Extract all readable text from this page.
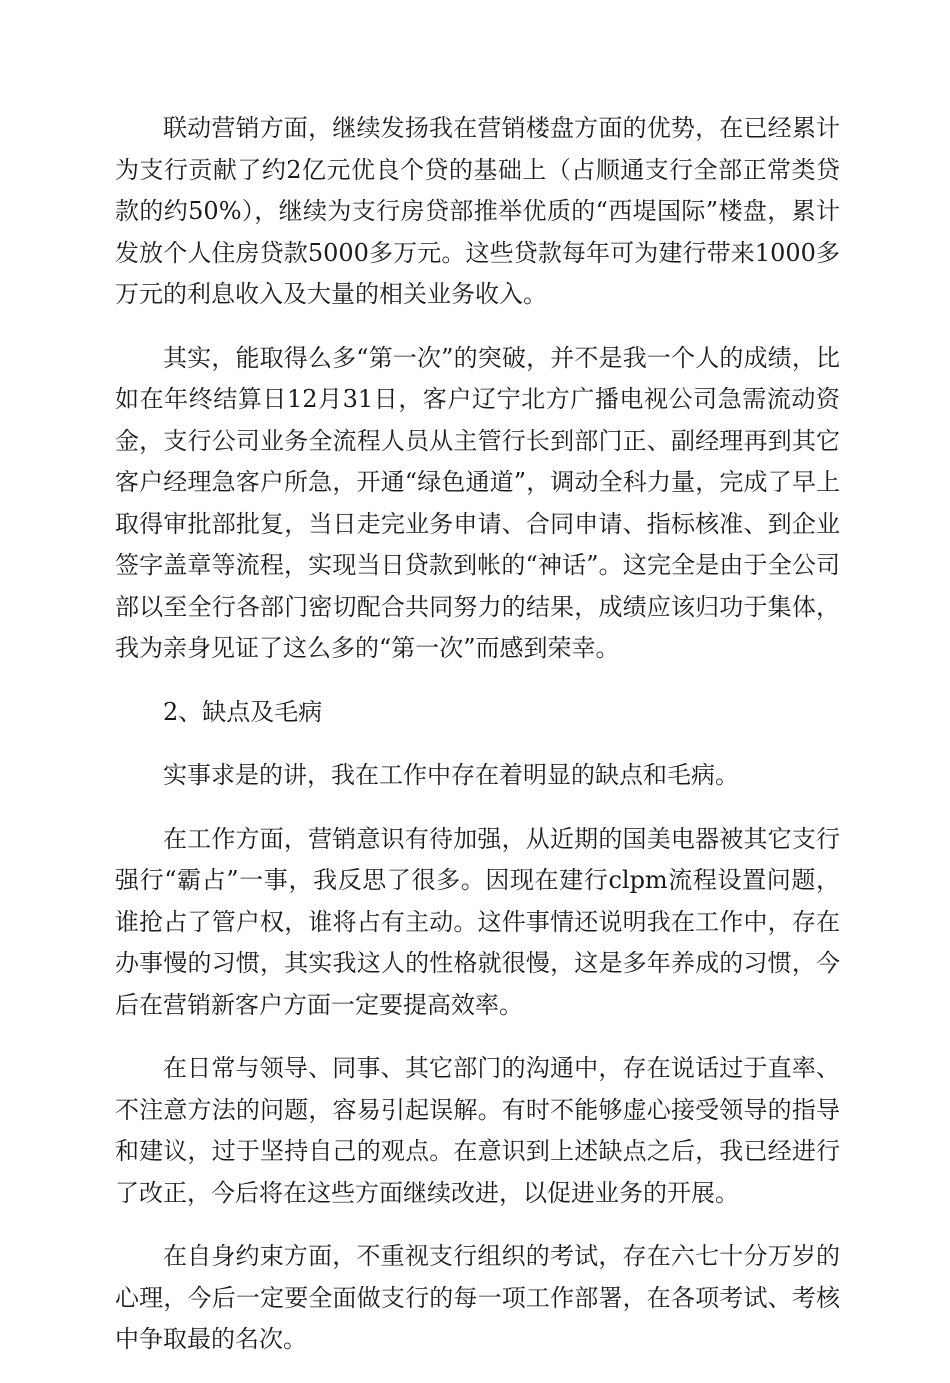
联动营销方面，继续发扬我在营销楼盘方面的优势，在已经累计为支行贡献了约2亿元优良个贷的基础上（占顺通支行全部正常类贷款的约50%），继续为支行房贷部推举优质的“西堤国际”楼盘，累计发放个人住房贷款5000多万元。这些贷款每年可为建行带来1000多万元的利息收入及大量的相关业务收入。

其实，能取得么多“第一次”的突破，并不是我一个人的成绩，比如在年终结算日12月31日，客户辽宁北方广播电视公司急需流动资金，支行公司业务全流程人员从主管行长到部门正、副经理再到其它客户经理急客户所急，开通“绿色通道”，调动全科力量，完成了早上取得审批部批复，当日走完业务申请、合同申请、指标核准、到企业签字盖章等流程，实现当日贷款到帐的“神话”。这完全是由于全公司部以至全行各部门密切配合共同努力的结果，成绩应该归功于集体，我为亲身见证了这么多的“第一次”而感到荣幸。

2、缺点及毛病

实事求是的讲，我在工作中存在着明显的缺点和毛病。

在工作方面，营销意识有待加强，从近期的国美电器被其它支行强行“霸占”一事，我反思了很多。因现在建行clpm流程设置问题，谁抢占了管户权，谁将占有主动。这件事情还说明我在工作中，存在办事慢的习惯，其实我这人的性格就很慢，这是多年养成的习惯，今后在营销新客户方面一定要提高效率。

在日常与领导、同事、其它部门的沟通中，存在说话过于直率、不注意方法的问题，容易引起误解。有时不能够虚心接受领导的指导和建议，过于坚持自己的观点。在意识到上述缺点之后，我已经进行了改正，今后将在这些方面继续改进，以促进业务的开展。

在自身约束方面，不重视支行组织的考试，存在六七十分万岁的心理，今后一定要全面做支行的每一项工作部署，在各项考试、考核中争取最的名次。
